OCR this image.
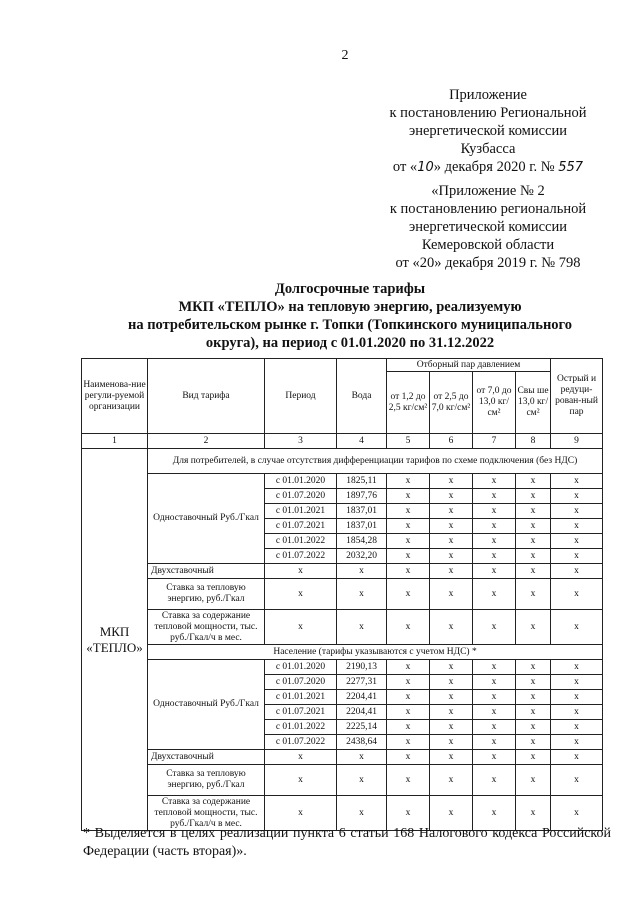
2
Приложение
к постановлению Региональной
энергетической комиссии
Кузбасса
от «10» декабря 2020 г. № 557
«Приложение № 2
к постановлению региональной
энергетической комиссии
Кемеровской области
от «20» декабря 2019 г. № 798
Долгосрочные тарифы
МКП «ТЕПЛО» на тепловую энергию, реализуемую
на потребительском рынке г. Топки (Топкинского муниципального
округа), на период с 01.01.2020 по 31.12.2022
Наименова-ние регули-руемой организации	Вид тарифа	Период	Вода	Отборный пар давлением				Острый и редуци-рован-ный пар
				от 1,2 до 2,5 кг/см²	от 2,5 до 7,0 кг/см²	от 7,0 до 13,0 кг/см²	Свы ше 13,0 кг/см²	
1	2	3	4	5	6	7	8	9
МКП «ТЕПЛО»	Для потребителей, в случае отсутствия дифференциации тарифов по схеме подключения (без НДС)							
	Одноставочный Руб./Гкал	с 01.01.2020	1825,11	x	x	x	x	x
		с 01.07.2020	1897,76	x	x	x	x	x
		с 01.01.2021	1837,01	x	x	x	x	x
		с 01.07.2021	1837,01	x	x	x	x	x
		с 01.01.2022	1854,28	x	x	x	x	x
		с 01.07.2022	2032,20	x	x	x	x	x
	Двухставочный	x	x	x	x	x	x	x
	Ставка за тепловую энергию, руб./Гкал	x	x	x	x	x	x	x
	Ставка за содержание тепловой мощности, тыс. руб./Гкал/ч в мес.	x	x	x	x	x	x	x
	Население (тарифы указываются с учетом НДС) *							
	Одноставочный Руб./Гкал	с 01.01.2020	2190,13	x	x	x	x	x
		с 01.07.2020	2277,31	x	x	x	x	x
		с 01.01.2021	2204,41	x	x	x	x	x
		с 01.07.2021	2204,41	x	x	x	x	x
		с 01.01.2022	2225,14	x	x	x	x	x
		с 01.07.2022	2438,64	x	x	x	x	x
	Двухставочный	x	x	x	x	x	x	x
	Ставка за тепловую энергию, руб./Гкал	x	x	x	x	x	x	x
	Ставка за содержание тепловой мощности, тыс. руб./Гкал/ч в мес.	x	x	x	x	x	x	x
* Выделяется в целях реализации пункта 6 статьи 168 Налогового кодекса Российской Федерации (часть вторая)».
